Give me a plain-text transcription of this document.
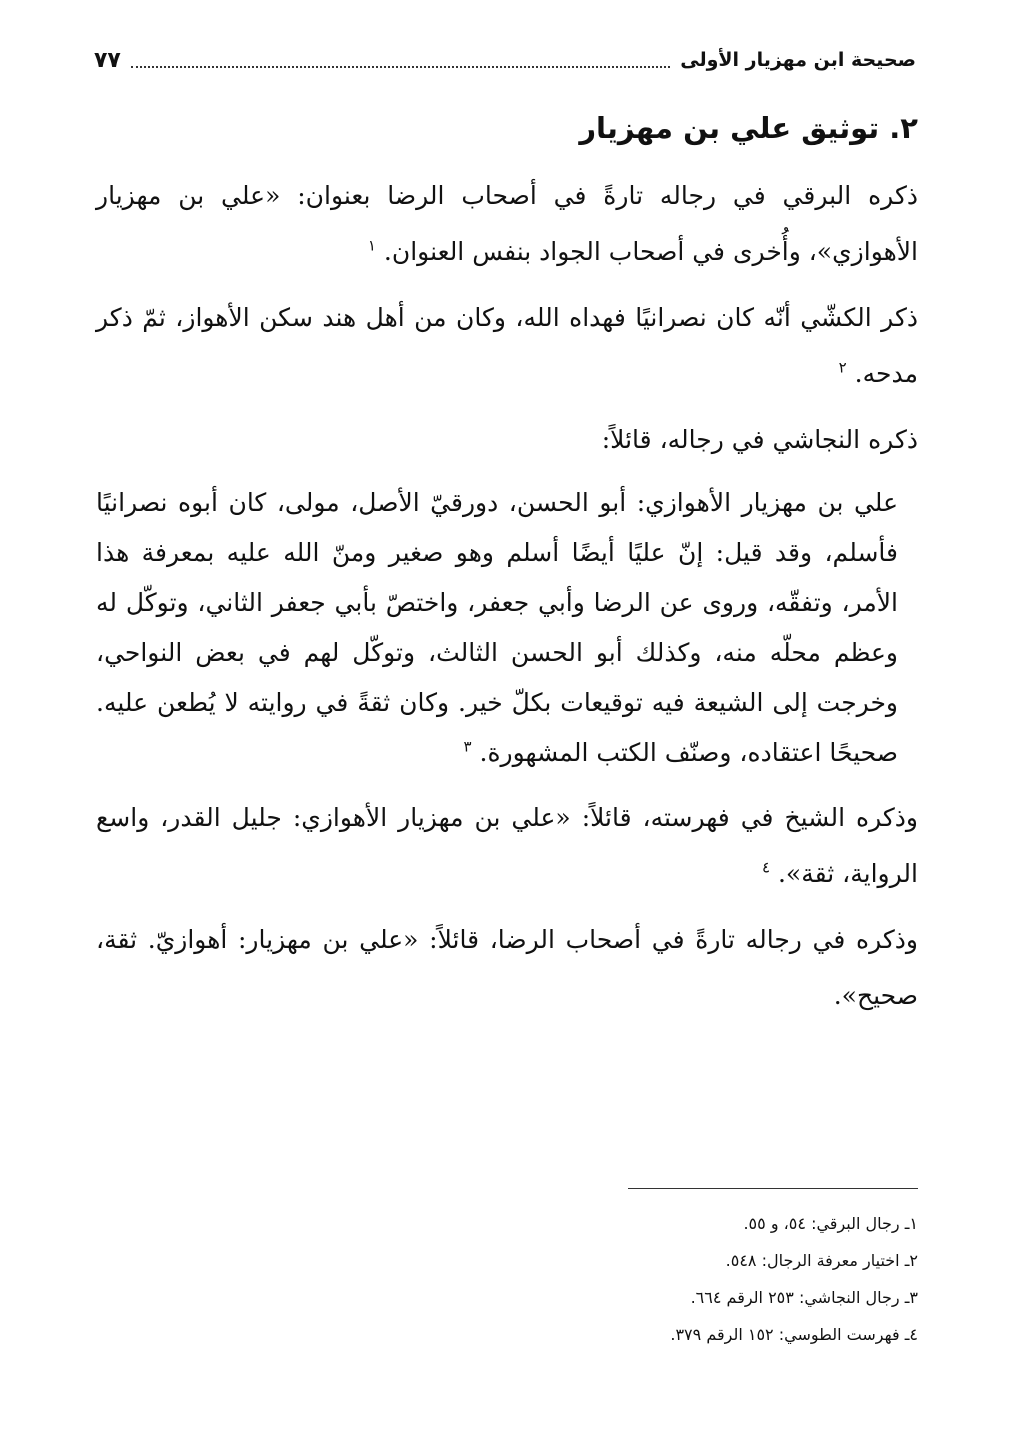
صحيحة ابن مهزيار الأولى
٧٧
٢. توثيق علي بن مهزيار

ذكره البرقي في رجاله تارةً في أصحاب الرضا بعنوان: «علي بن مهزيار الأهوازي»، وأُخرى في أصحاب الجواد بنفس العنوان. $^١$

ذكر الكشّي أنّه كان نصرانيًا فهداه الله، وكان من أهل هند سكن الأهواز، ثمّ ذكر مدحه. $^٢$

ذكره النجاشي في رجاله، قائلاً:

علي بن مهزيار الأهوازي: أبو الحسن، دورقيّ الأصل، مولى، كان أبوه نصرانيًا فأسلم، وقد قيل: إنّ عليًا أيضًا أسلم وهو صغير ومنّ الله عليه بمعرفة هذا الأمر، وتفقّه، وروى عن الرضا وأبي جعفر، واختصّ بأبي جعفر الثاني، وتوكّل له وعظم محلّه منه، وكذلك أبو الحسن الثالث، وتوكّل لهم في بعض النواحي، وخرجت إلى الشيعة فيه توقيعات بكلّ خير. وكان ثقةً في روايته لا يُطعن عليه. صحيحًا اعتقاده، وصنّف الكتب المشهورة. $^٣$

وذكره الشيخ في فهرسته، قائلاً: «علي بن مهزيار الأهوازي: جليل القدر، واسع الرواية، ثقة». $^٤$

وذكره في رجاله تارةً في أصحاب الرضا، قائلاً: «علي بن مهزيار: أهوازيّ. ثقة، صحيح».

١ـ رجال البرقي: ٥٤، و ٥٥.
٢ـ اختيار معرفة الرجال: ٥٤٨.
٣ـ رجال النجاشي: ٢٥٣ الرقم ٦٦٤.
٤ـ فهرست الطوسي: ١٥٢ الرقم ٣٧٩.
